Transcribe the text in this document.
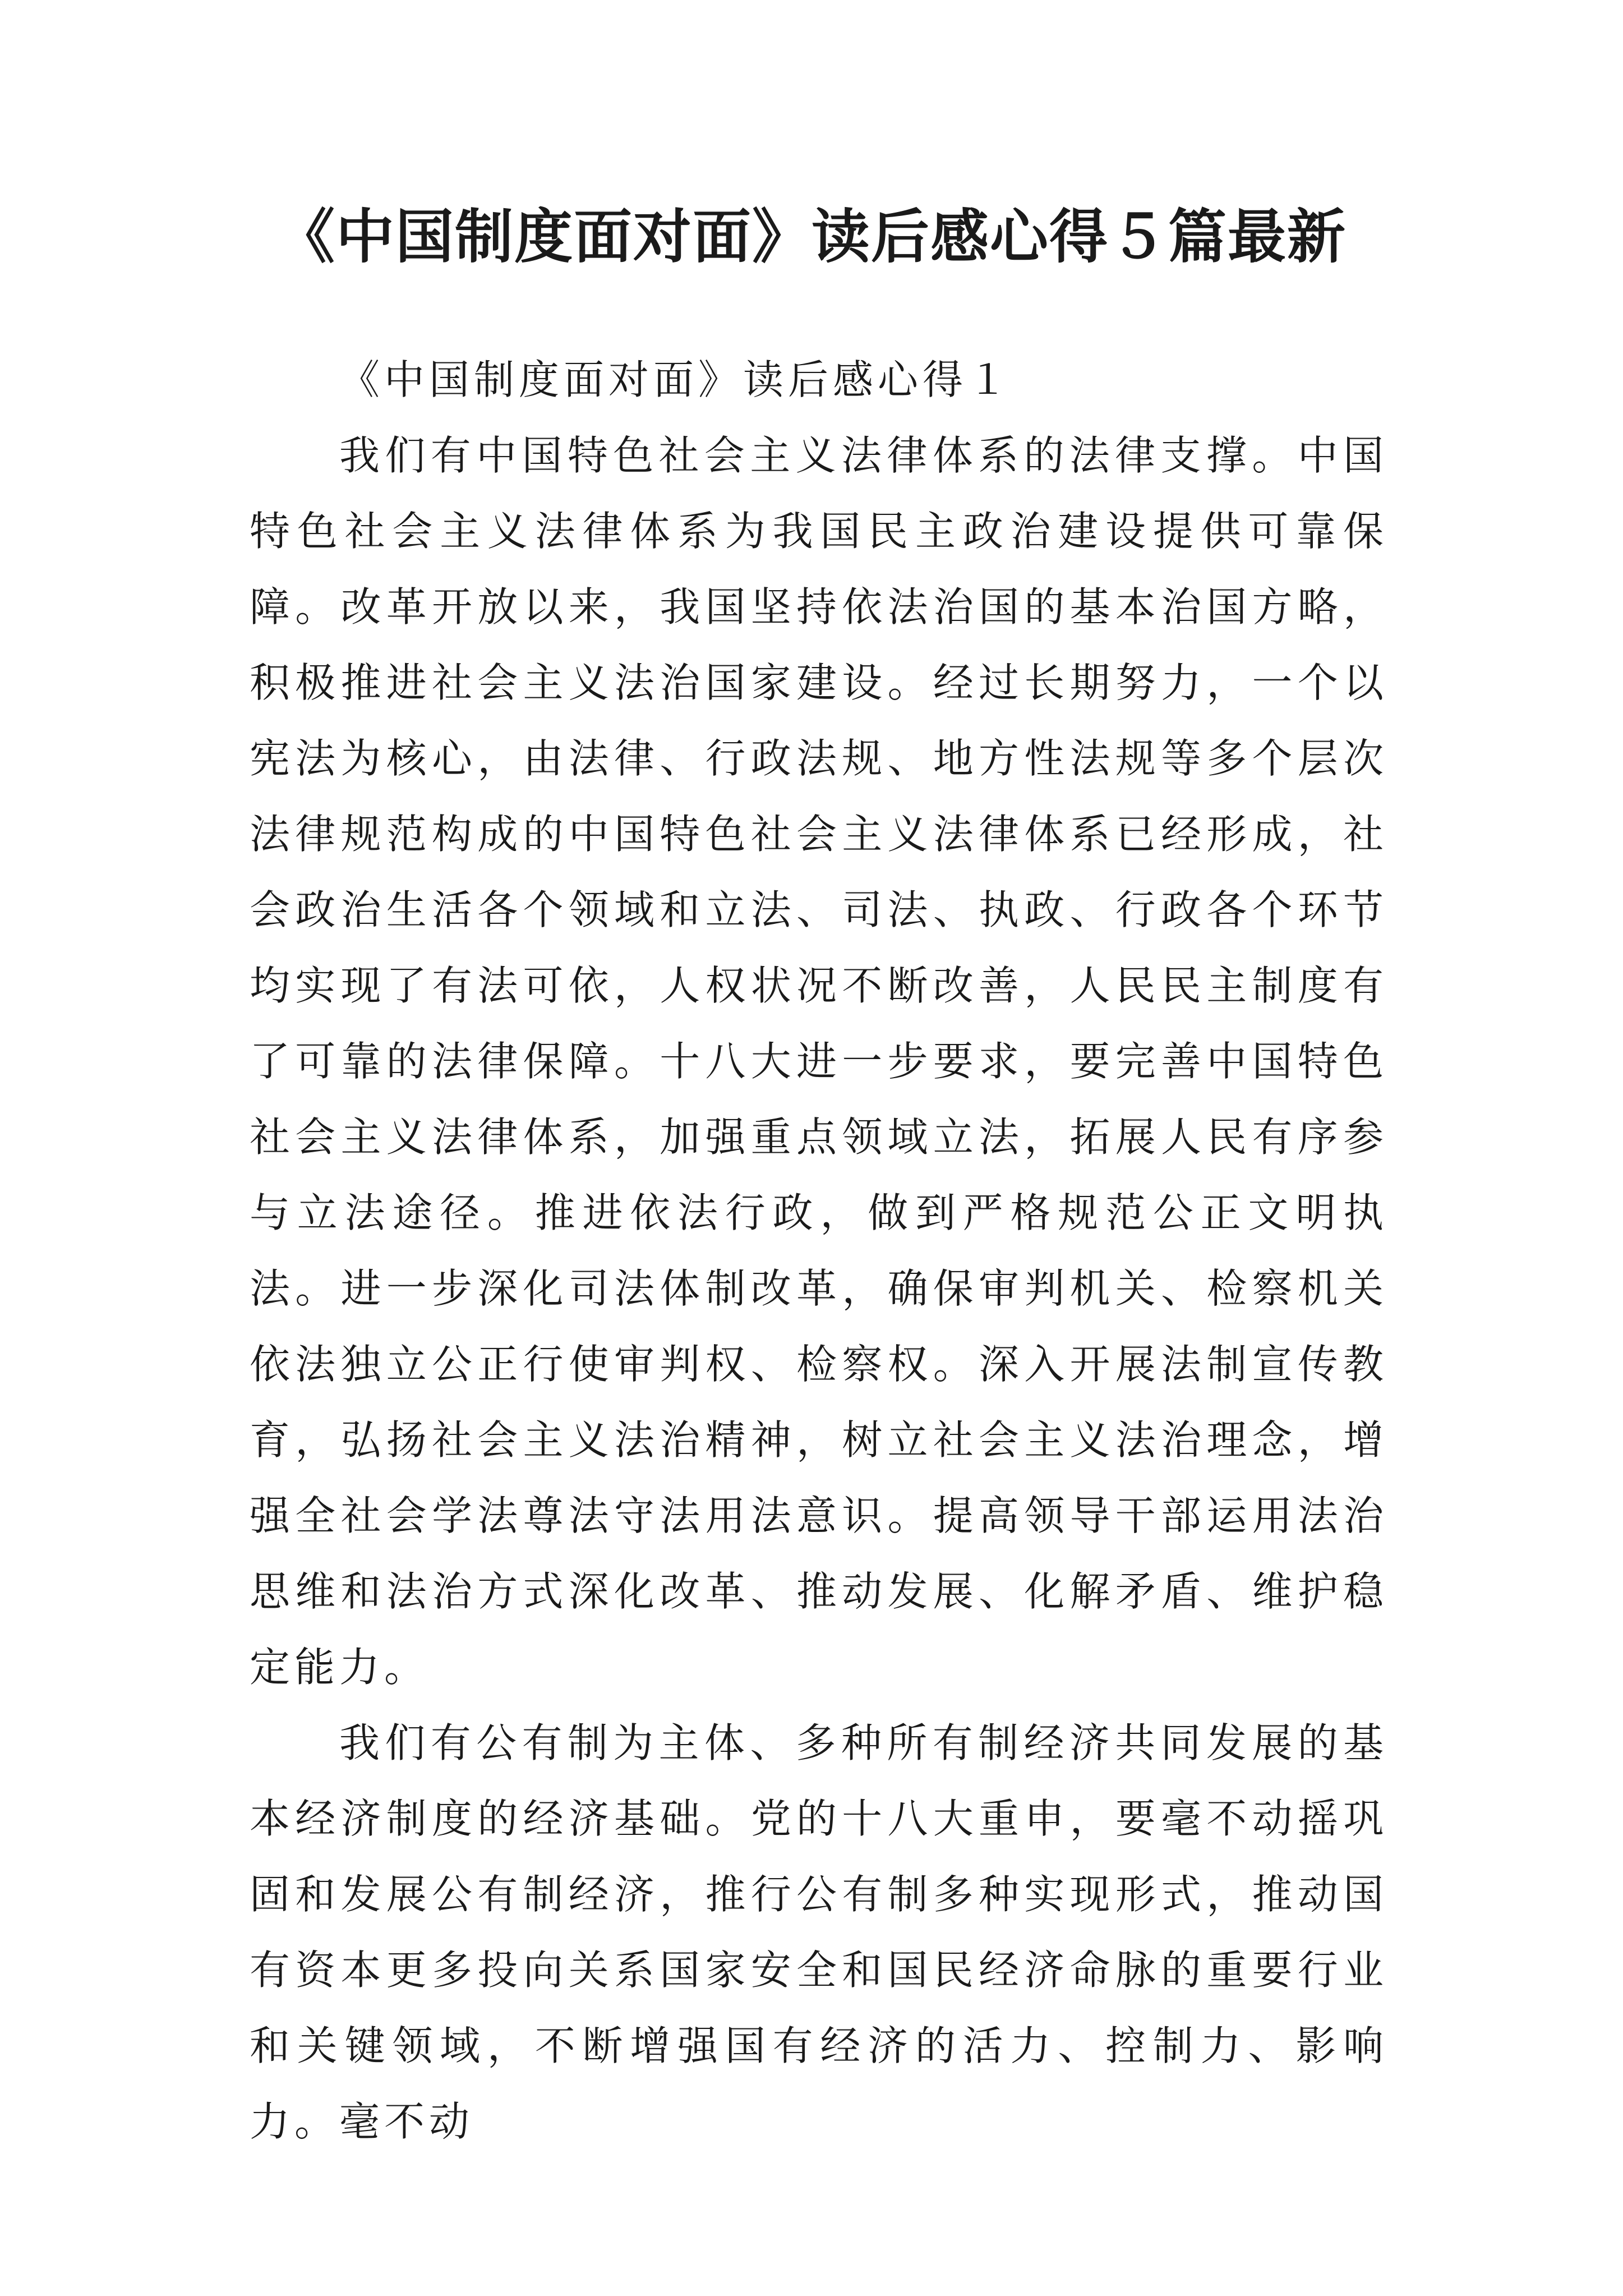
《中国制度面对面》读后感心得５篇最新
《中国制度面对面》读后感心得１

我们有中国特色社会主义法律体系的法律支撑。中国特色社会主义法律体系为我国民主政治建设提供可靠保障。改革开放以来，我国坚持依法治国的基本治国方略，积极推进社会主义法治国家建设。经过长期努力，一个以宪法为核心，由法律、行政法规、地方性法规等多个层次法律规范构成的中国特色社会主义法律体系已经形成，社会政治生活各个领域和立法、司法、执政、行政各个环节均实现了有法可依，人权状况不断改善，人民民主制度有了可靠的法律保障。十八大进一步要求，要完善中国特色社会主义法律体系，加强重点领域立法，拓展人民有序参与立法途径。推进依法行政，做到严格规范公正文明执法。进一步深化司法体制改革，确保审判机关、检察机关依法独立公正行使审判权、检察权。深入开展法制宣传教育，弘扬社会主义法治精神，树立社会主义法治理念，增强全社会学法尊法守法用法意识。提高领导干部运用法治思维和法治方式深化改革、推动发展、化解矛盾、维护稳定能力。

我们有公有制为主体、多种所有制经济共同发展的基本经济制度的经济基础。党的十八大重申，要毫不动摇巩固和发展公有制经济，推行公有制多种实现形式，推动国有资本更多投向关系国家安全和国民经济命脉的重要行业和关键领域，不断增强国有经济的活力、控制力、影响力。毫不动
